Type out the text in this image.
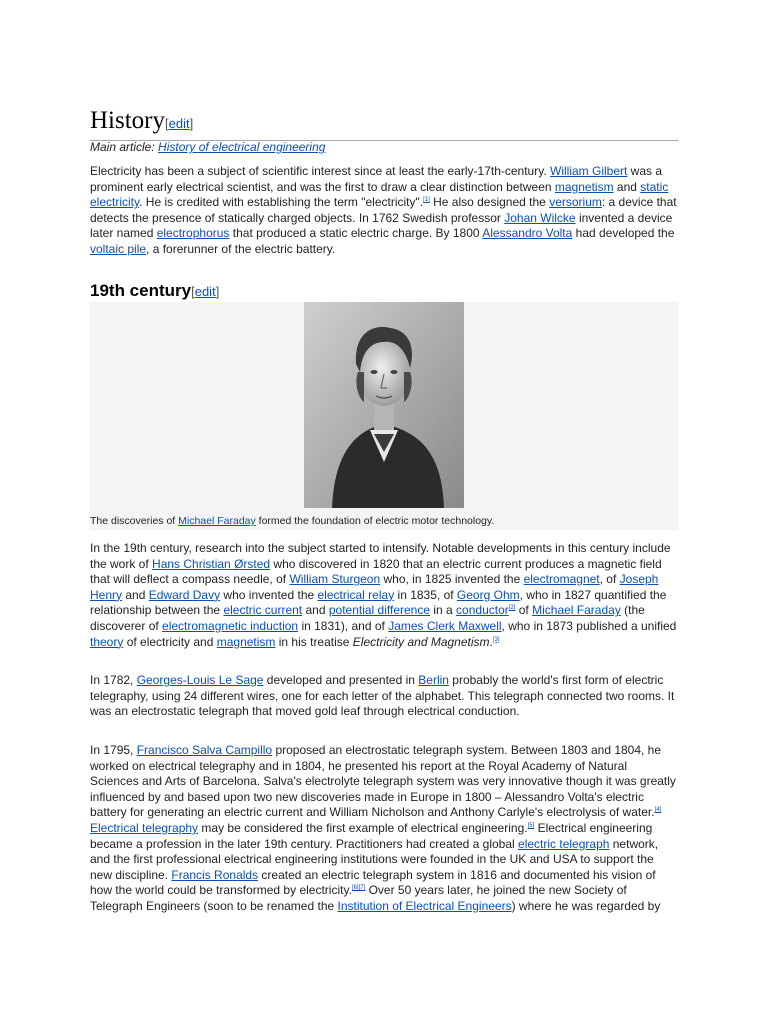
History[edit]
Main article: History of electrical engineering

Electricity has been a subject of scientific interest since at least the early-17th-century. William Gilbert was a prominent early electrical scientist, and was the first to draw a clear distinction between magnetism and static electricity. He is credited with establishing the term "electricity".[1] He also designed the versorium: a device that detects the presence of statically charged objects. In 1762 Swedish professor Johan Wilcke invented a device later named electrophorus that produced a static electric charge. By 1800 Alessandro Volta had developed the voltaic pile, a forerunner of the electric battery.

19th century[edit]
The discoveries of Michael Faraday formed the foundation of electric motor technology.

In the 19th century, research into the subject started to intensify. Notable developments in this century include the work of Hans Christian Ørsted who discovered in 1820 that an electric current produces a magnetic field that will deflect a compass needle, of William Sturgeon who, in 1825 invented the electromagnet, of Joseph Henry and Edward Davy who invented the electrical relay in 1835, of Georg Ohm, who in 1827 quantified the relationship between the electric current and potential difference in a conductor[2] of Michael Faraday (the discoverer of electromagnetic induction in 1831), and of James Clerk Maxwell, who in 1873 published a unified theory of electricity and magnetism in his treatise Electricity and Magnetism.[3]

In 1782, Georges-Louis Le Sage developed and presented in Berlin probably the world's first form of electric telegraphy, using 24 different wires, one for each letter of the alphabet. This telegraph connected two rooms. It was an electrostatic telegraph that moved gold leaf through electrical conduction.

In 1795, Francisco Salva Campillo proposed an electrostatic telegraph system. Between 1803 and 1804, he worked on electrical telegraphy and in 1804, he presented his report at the Royal Academy of Natural Sciences and Arts of Barcelona. Salva's electrolyte telegraph system was very innovative though it was greatly influenced by and based upon two new discoveries made in Europe in 1800 – Alessandro Volta's electric battery for generating an electric current and William Nicholson and Anthony Carlyle's electrolysis of water.[4] Electrical telegraphy may be considered the first example of electrical engineering.[5] Electrical engineering became a profession in the later 19th century. Practitioners had created a global electric telegraph network, and the first professional electrical engineering institutions were founded in the UK and USA to support the new discipline. Francis Ronalds created an electric telegraph system in 1816 and documented his vision of how the world could be transformed by electricity.[6][7] Over 50 years later, he joined the new Society of Telegraph Engineers (soon to be renamed the Institution of Electrical Engineers) where he was regarded by
